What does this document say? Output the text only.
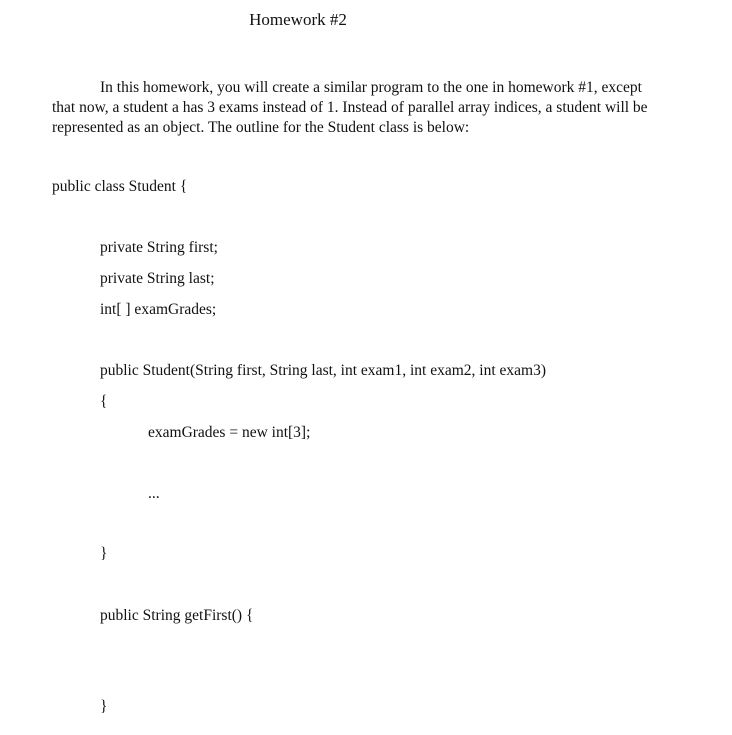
Homework #2
In this homework, you will create a similar program to the one in homework #1, except
that now, a student a has 3 exams instead of 1. Instead of parallel array indices, a student will be
represented as an object. The outline for the Student class is below:
public class Student {
private String first;
private String last;
int[ ] examGrades;
public Student(String first, String last, int exam1, int exam2, int exam3)
{
examGrades = new int[3];
...
}
public String getFirst() {
}
